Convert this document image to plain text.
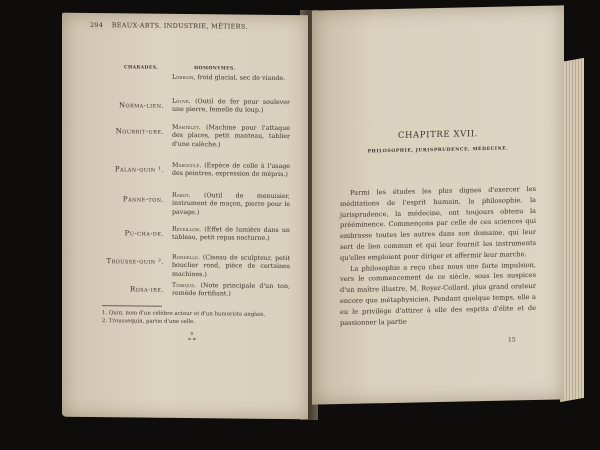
294 BEAUX-ARTS. INDUSTRIE, MÉTIERS.
CHARADES.	HOMONYMES.
Lorrain, froid glacial, sec de viande.
Norma-lien. Louve. (Outil de fer pour soulever une pierre, femelle du loup.)
Nourrit-ure. Mantelet. (Machine pour l'attaque des places, petit manteau, tablier d'une calèche.)
Palan-quin ¹. Marouflé. (Espèce de colle à l'usage des peintres, expression de mépris.)
Panne-ton. Rabot. (Outil de menuisier, instrument de maçon, pierre pour le pavage.)
Pu-cha-de. Réveillon. (Effet de lumière dans un tableau, petit repas nocturne.)
Trousse-quin ². Rondelle. (Ciseau de sculpteur, petit bouclier rond, pièce de certaines machines.)
Rosa-ire. Tonique. (Note principale d'un ton, remède fortifiant.)
1. Quin, nom d'un célèbre acteur et d'un humoriste anglais.
2. Troussequin, partie d'une selle.
ஃ
CHAPITRE XVII.
PHILOSOPHIE, JURISPRUDENCE, MÉDECINE.

Parmi les études les plus dignes d'exercer les méditations de l'esprit humain, la philosophie, la jurisprudence, la médecine, ont toujours obtenu la prééminence. Commençons par celle de ces sciences qui embrasse toutes les autres dans son domaine, qui leur sert de lien commun et qui leur fournit les instruments qu'elles emploient pour diriger et affermir leur marche.

La philosophie a reçu chez nous une forte impulsion, vers le commencement de ce siècle, sous les auspices d'un maître illustre, M. Royer-Collard, plus grand orateur encore que métaphysicien. Pendant quelque temps, elle a eu le privilège d'attirer à elle des esprits d'élite et de passionner la partie

15
